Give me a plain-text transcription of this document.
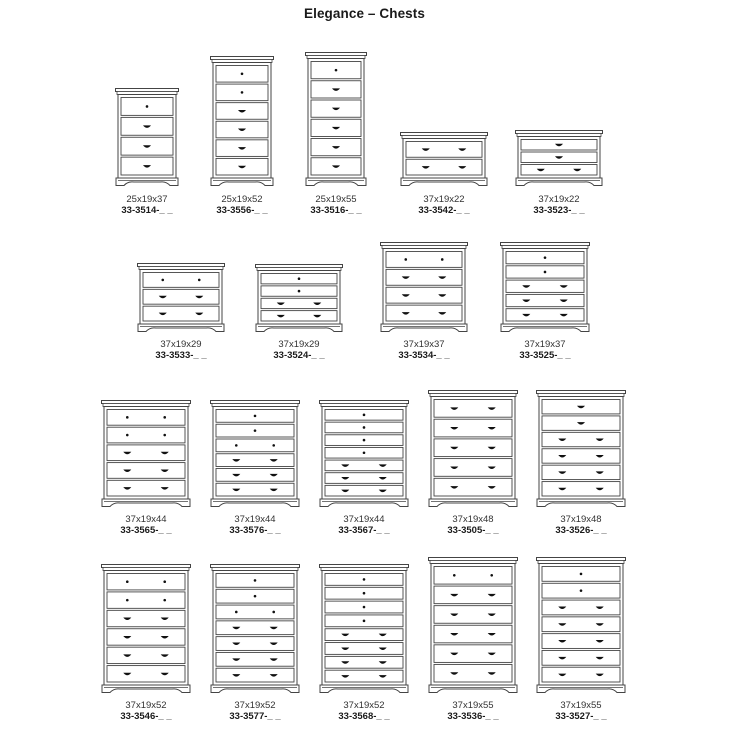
Elegance – Chests
25x19x37
33-3514-_ _
25x19x52
33-3556-_ _
25x19x55
33-3516-_ _
37x19x22
33-3542-_ _
37x19x22
33-3523-_ _
37x19x29
33-3533-_ _
37x19x29
33-3524-_ _
37x19x37
33-3534-_ _
37x19x37
33-3525-_ _
37x19x44
33-3565-_ _
37x19x44
33-3576-_ _
37x19x44
33-3567-_ _
37x19x48
33-3505-_ _
37x19x48
33-3526-_ _
37x19x52
33-3546-_ _
37x19x52
33-3577-_ _
37x19x52
33-3568-_ _
37x19x55
33-3536-_ _
37x19x55
33-3527-_ _
